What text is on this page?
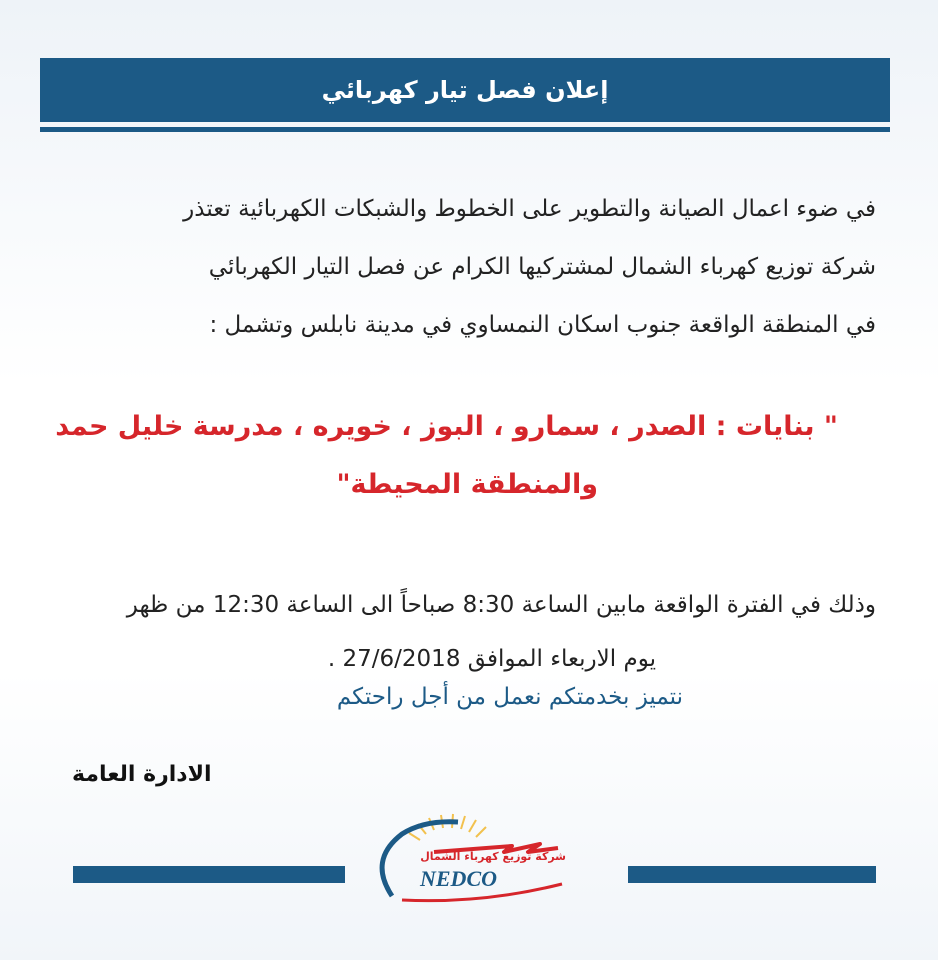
إعلان فصل تيار كهربائي
في ضوء اعمال الصيانة والتطوير على الخطوط والشبكات الكهربائية تعتذر
شركة توزيع كهرباء الشمال لمشتركيها الكرام عن فصل التيار الكهربائي
في المنطقة الواقعة جنوب اسكان النمساوي في مدينة نابلس وتشمل :
" بنايات : الصدر ، سمارو ، البوز ، خويره ، مدرسة خليل حمد
والمنطقة المحيطة"
وذلك في الفترة الواقعة مابين الساعة 8:30 صباحاً الى الساعة 12:30 من ظهر
يوم الاربعاء الموافق 27/6/2018 .
نتميز بخدمتكم نعمل من أجل راحتكم
الادارة العامة
شركة توزيع كهرباء الشمال
NEDCO
